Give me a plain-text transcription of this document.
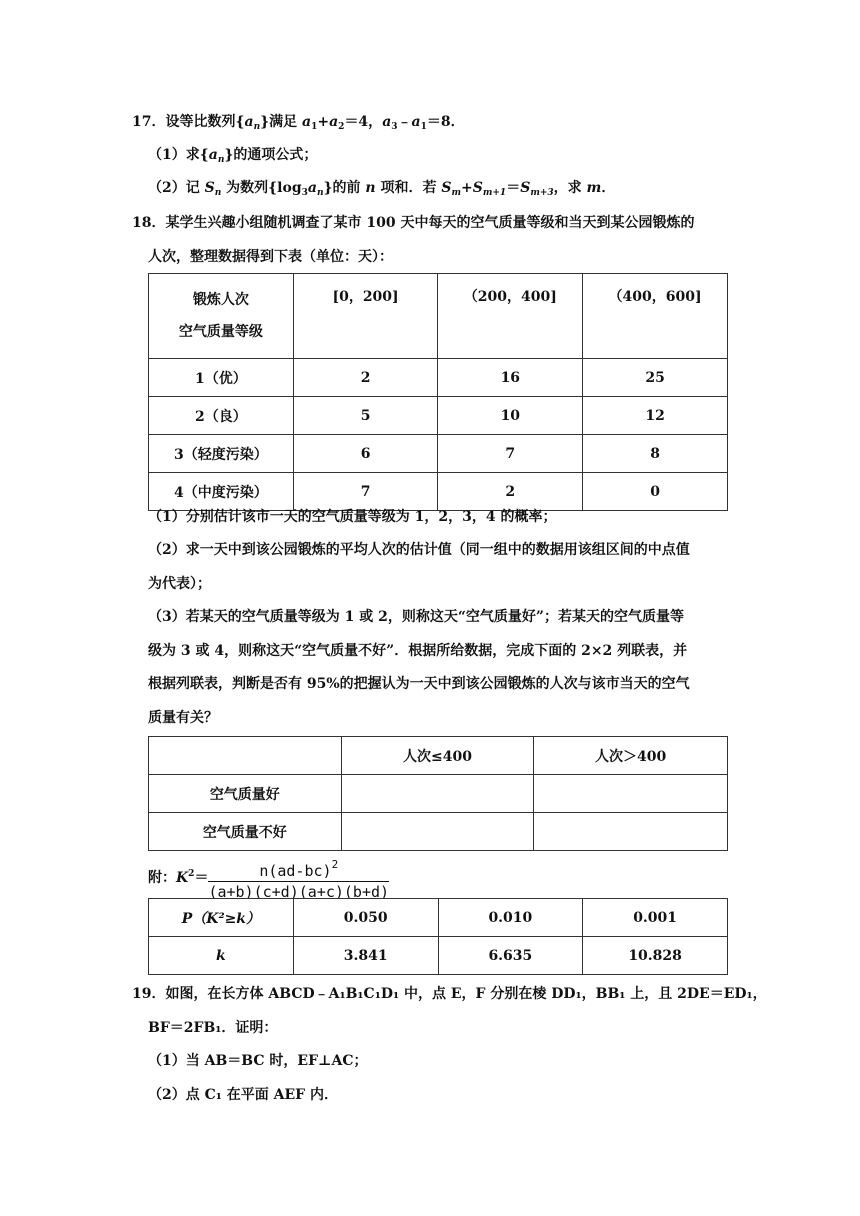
17．设等比数列$\{a_n\}$满足 $a_1+a_2=4$，$a_3﹣a_1=8$．
（1）求$\{a_n\}$的通项公式；
（2）记 $S_n$ 为数列$\{\log_3a_n\}$的前 n 项和．若 $S_m+S_{m+1}=S_{m+3}$，求 m．
18．某学生兴趣小组随机调查了某市 100 天中每天的空气质量等级和当天到某公园锻炼的
人次，整理数据得到下表（单位：天）：
锻炼人次
空气质量等级	[0，200]	（200，400]	（400，600]
1（优）	2	16	25
2（良）	5	10	12
3（轻度污染）	6	7	8
4（中度污染）	7	2	0
（1）分别估计该市一天的空气质量等级为 1，2，3，4 的概率；
（2）求一天中到该公园锻炼的平均人次的估计值（同一组中的数据用该组区间的中点值
为代表）；
（3）若某天的空气质量等级为 1 或 2，则称这天“空气质量好”；若某天的空气质量等
级为 3 或 4，则称这天“空气质量不好”．根据所给数据，完成下面的 2×2 列联表，并
根据列联表，判断是否有 95%的把握认为一天中到该公园锻炼的人次与该市当天的空气
质量有关？
	人次≤400	人次＞400
空气质量好		
空气质量不好		
附：$K^2= \frac{n(ad-bc)^2}{(a+b)(c+d)(a+c)(b+d)}$
P（K²≥k）	0.050	0.010	0.001
k	3.841	6.635	10.828
19．如图，在长方体 ABCD﹣A₁B₁C₁D₁ 中，点 E，F 分别在棱 DD₁，BB₁ 上，且 2DE＝ED₁，
BF＝2FB₁．证明：
（1）当 AB＝BC 时，EF⊥AC；
（2）点 C₁ 在平面 AEF 内．
